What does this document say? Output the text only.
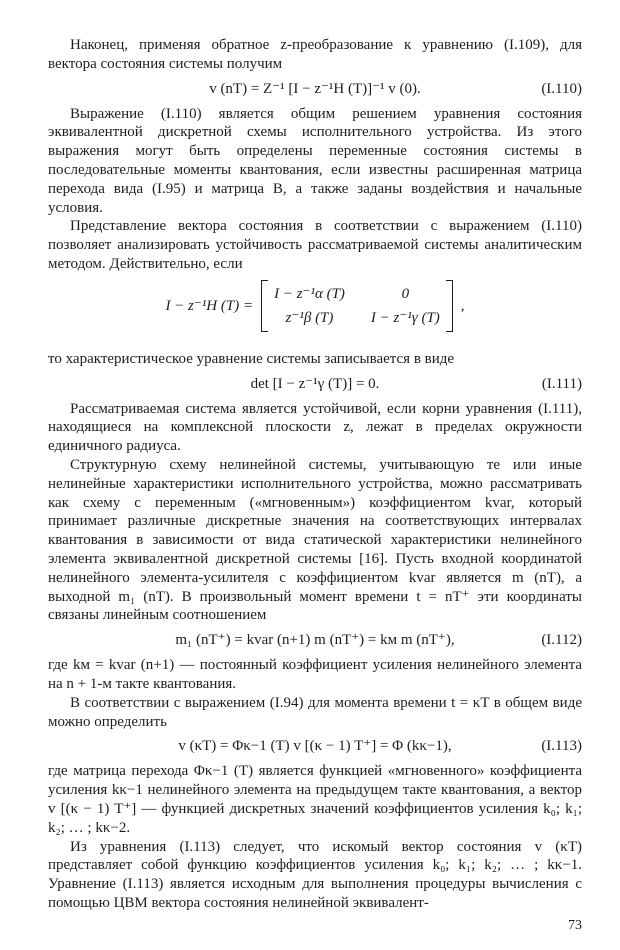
Наконец, применяя обратное z-преобразование к уравнению (I.109), для вектора состояния системы получим

v (nT) = Z⁻¹ [I − z⁻¹H (T)]⁻¹ v (0).	(I.110)

Выражение (I.110) является общим решением уравнения состояния эквивалентной дискретной схемы исполнительного устройства. Из этого выражения могут быть определены переменные состояния системы в последовательные моменты квантования, если известны расширенная матрица перехода вида (I.95) и матрица B, а также заданы воздействия и начальные условия.

Представление вектора состояния в соответствии с выражением (I.110) позволяет анализировать устойчивость рассматриваемой системы аналитическим методом. Действительно, если

I − z⁻¹H (T) =
I − z⁻¹α (T)	0
z⁻¹β (T)	I − z⁻¹γ (T)
,

то характеристическое уравнение системы записывается в виде

det [I − z⁻¹γ (T)] = 0.	(I.111)

Рассматриваемая система является устойчивой, если корни уравнения (I.111), находящиеся на комплексной плоскости z, лежат в пределах окружности единичного радиуса.

Структурную схему нелинейной системы, учитывающую те или иные нелинейные характеристики исполнительного устройства, можно рассматривать как схему с переменным («мгновенным») коэффициентом kvar, который принимает различные дискретные значения на соответствующих интервалах квантования в зависимости от вида статической характеристики нелинейного элемента эквивалентной дискретной системы [16]. Пусть входной координатой нелинейного элемента-усилителя с коэффициентом kvar является m (nT), а выходной m₁ (nT). В произвольный момент времени t = nT⁺ эти координаты связаны линейным соотношением

m₁ (nT⁺) = kvar (n+1) m (nT⁺) = kм m (nT⁺),	(I.112)

где kм = kvar (n+1) — постоянный коэффициент усиления нелинейного элемента на n + 1-м такте квантования.

В соответствии с выражением (I.94) для момента времени t = κT в общем виде можно определить

v (κT) = Φκ−1 (T) v [(κ − 1) T⁺] = Φ (kκ−1),	(I.113)

где матрица перехода Φκ−1 (T) является функцией «мгновенного» коэффициента усиления kκ−1 нелинейного элемента на предыдущем такте квантования, а вектор v [(κ − 1) T⁺] — функцией дискретных значений коэффициентов усиления k₀; k₁; k₂; … ; kκ−2.

Из уравнения (I.113) следует, что искомый вектор состояния v (κT) представляет собой функцию коэффициентов усиления k₀; k₁; k₂; … ; kκ−1. Уравнение (I.113) является исходным для выполнения процедуры вычисления с помощью ЦВМ вектора состояния нелинейной эквивалент-

73
